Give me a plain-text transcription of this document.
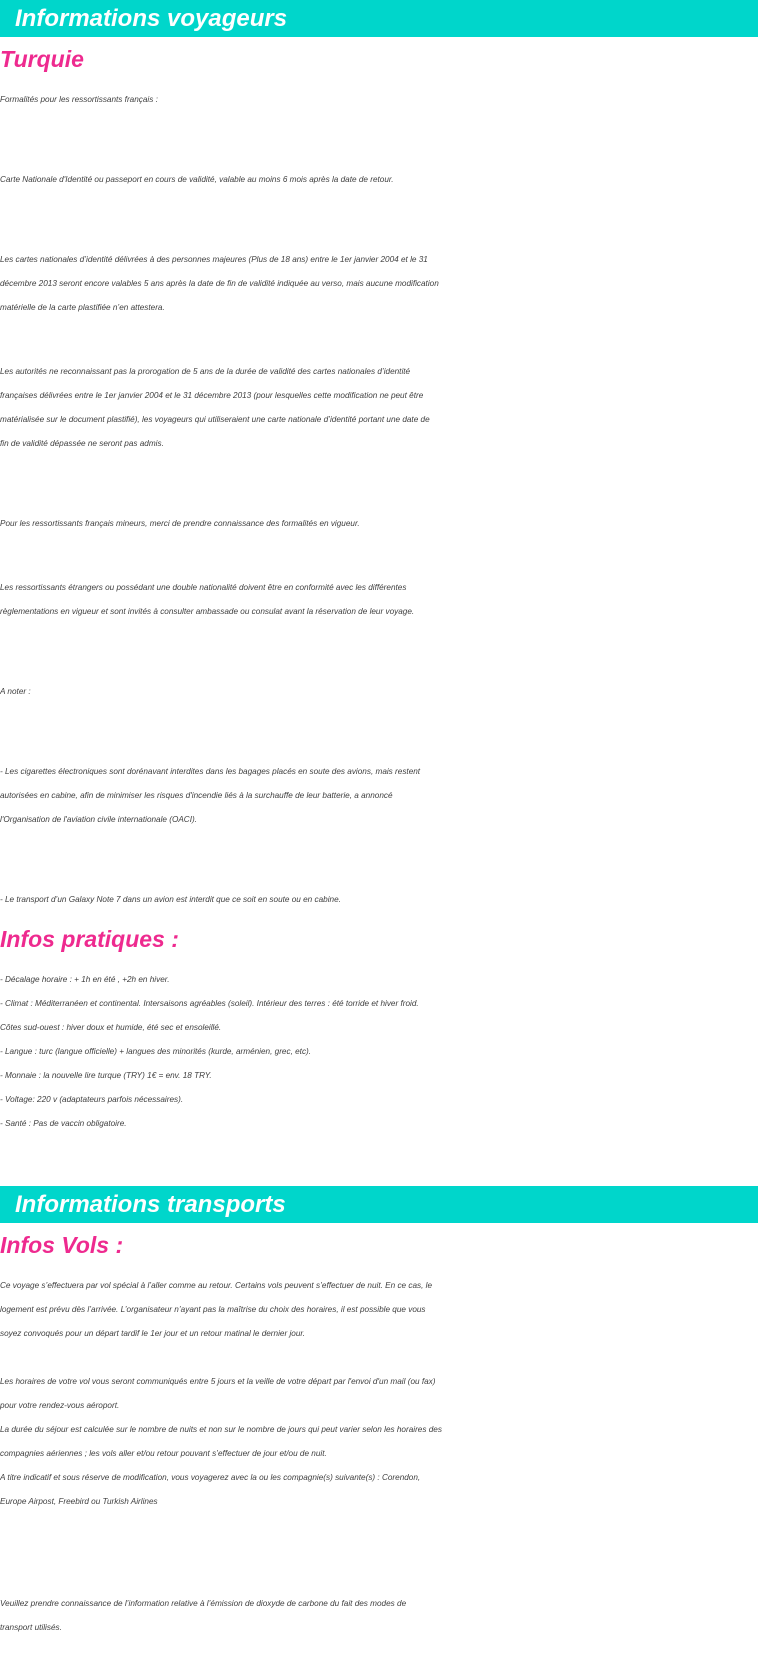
Informations voyageurs
Turquie
Formalités pour les ressortissants français :
Carte Nationale d'Identité ou passeport en cours de validité, valable au moins 6 mois après la date de retour.
Les cartes nationales d’identité délivrées à des personnes majeures (Plus de 18 ans) entre le 1er janvier 2004 et le 31
décembre 2013 seront encore valables 5 ans après la date de fin de validité indiquée au verso, mais aucune modification
matérielle de la carte plastifiée n’en attestera.
Les autorités ne reconnaissant pas la prorogation de 5 ans de la durée de validité des cartes nationales d’identité
françaises délivrées entre le 1er janvier 2004 et le 31 décembre 2013 (pour lesquelles cette modification ne peut être
matérialisée sur le document plastifié), les voyageurs qui utiliseraient une carte nationale d’identité portant une date de
fin de validité dépassée ne seront pas admis.
Pour les ressortissants français mineurs, merci de prendre connaissance des formalités en vigueur.
Les ressortissants étrangers ou possédant une double nationalité doivent être en conformité avec les différentes
règlementations en vigueur et sont invités à consulter ambassade ou consulat avant la réservation de leur voyage.
A noter :
- Les cigarettes électroniques sont dorénavant interdites dans les bagages placés en soute des avions, mais restent
autorisées en cabine, afin de minimiser les risques d'incendie liés à la surchauffe de leur batterie, a annoncé
l'Organisation de l'aviation civile internationale (OACI).
- Le transport d’un Galaxy Note 7 dans un avion est interdit que ce soit en soute ou en cabine.
Infos pratiques :
- Décalage horaire : + 1h en été , +2h en hiver.
- Climat : Méditerranéen et continental. Intersaisons agréables (soleil). Intérieur des terres : été torride et hiver froid.
Côtes sud-ouest : hiver doux et humide, été sec et ensoleillé.
- Langue : turc (langue officielle) + langues des minorités (kurde, arménien, grec, etc).
- Monnaie : la nouvelle lire turque (TRY) 1€ = env. 18 TRY.
- Voltage: 220 v (adaptateurs parfois nécessaires).
- Santé : Pas de vaccin obligatoire.
Informations transports
Infos Vols :
Ce voyage s’effectuera par vol spécial à l’aller comme au retour. Certains vols peuvent s’effectuer de nuit. En ce cas, le
logement est prévu dès l’arrivée. L’organisateur n’ayant pas la maîtrise du choix des horaires, il est possible que vous
soyez convoqués pour un départ tardif le 1er jour et un retour matinal le dernier jour.
Les horaires de votre vol vous seront communiqués entre 5 jours et la veille de votre départ par l'envoi d'un mail (ou fax)
pour votre rendez-vous aéroport.
La durée du séjour est calculée sur le nombre de nuits et non sur le nombre de jours qui peut varier selon les horaires des
compagnies aériennes ; les vols aller et/ou retour pouvant s’effectuer de jour et/ou de nuit.
A titre indicatif et sous réserve de modification, vous voyagerez avec la ou les compagnie(s) suivante(s) : Corendon,
Europe Airpost, Freebird ou Turkish Airlines
Veuillez prendre connaissance de l’information relative à l’émission de dioxyde de carbone du fait des modes de
transport utilisés.
